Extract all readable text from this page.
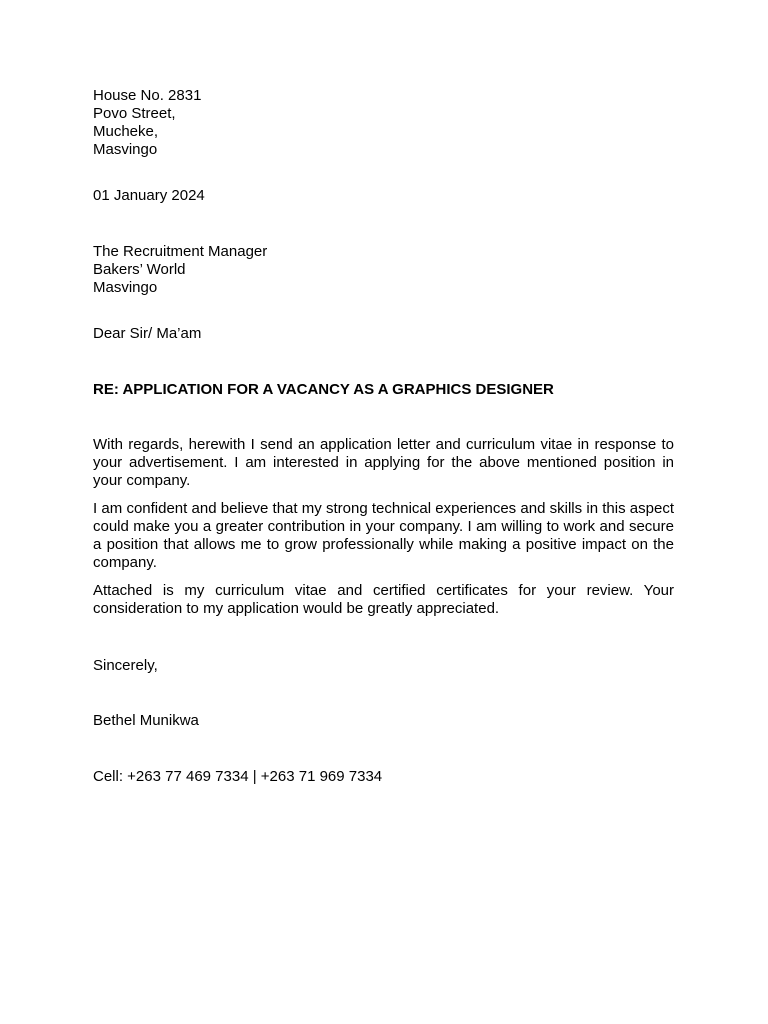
House No. 2831
Povo Street,
Mucheke,
Masvingo
01 January 2024
The Recruitment Manager
Bakers’ World
Masvingo
Dear Sir/ Ma’am
RE: APPLICATION FOR A VACANCY AS A GRAPHICS DESIGNER
With regards, herewith I send an application letter and curriculum vitae in response to your advertisement. I am interested in applying for the above mentioned position in your company.
I am confident and believe that my strong technical experiences and skills in this aspect could make you a greater contribution in your company. I am willing to work and secure a position that allows me to grow professionally while making a positive impact on the company.
Attached is my curriculum vitae and certified certificates for your review. Your consideration to my application would be greatly appreciated.
Sincerely,
Bethel Munikwa
Cell: +263 77 469 7334 | +263 71 969 7334
